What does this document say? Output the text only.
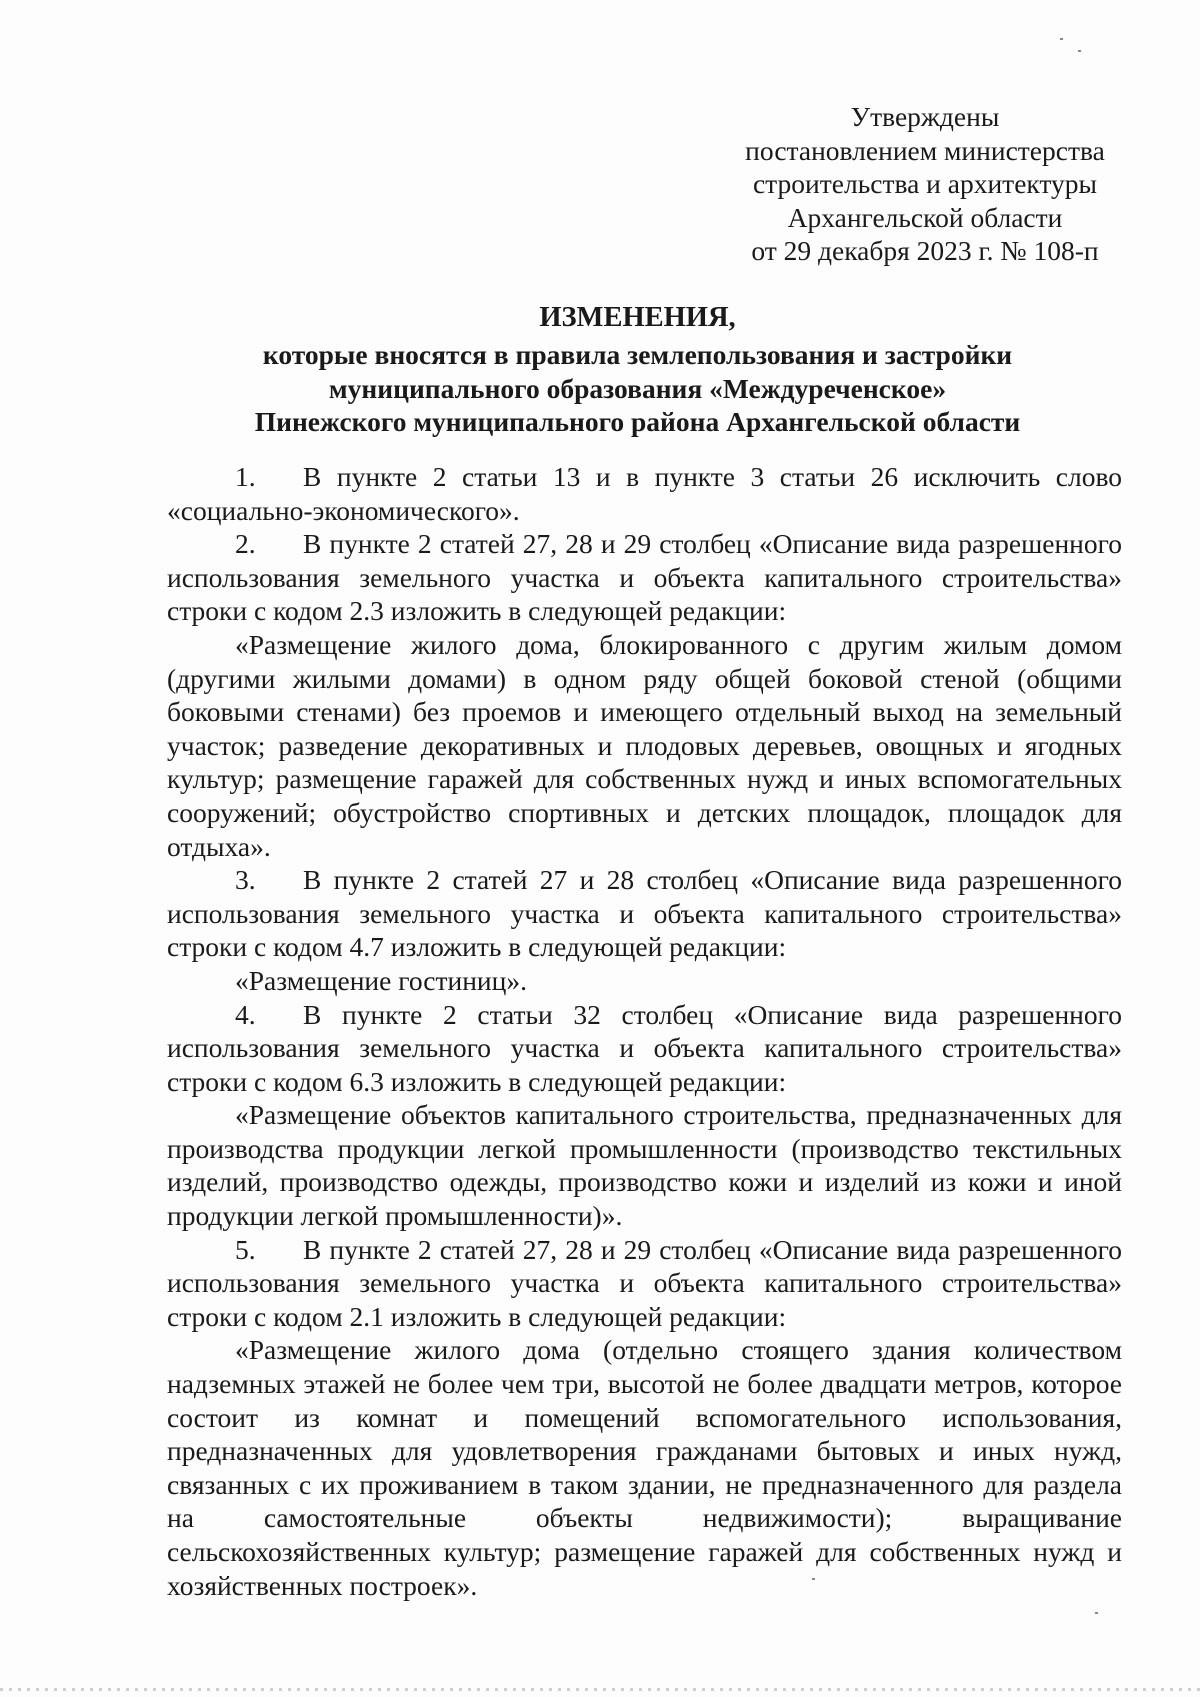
Утверждены
постановлением министерства
строительства и архитектуры
Архангельской области
от 29 декабря 2023 г. № 108-п
ИЗМЕНЕНИЯ,
которые вносятся в правила землепользования и застройки
муниципального образования «Междуреченское»
Пинежского муниципального района Архангельской области

1. В пункте 2 статьи 13 и в пункте 3 статьи 26 исключить слово «социально-экономического».

2. В пункте 2 статей 27, 28 и 29 столбец «Описание вида разрешенного использования земельного участка и объекта капитального строительства» строки с кодом 2.3 изложить в следующей редакции:

«Размещение жилого дома, блокированного с другим жилым домом (другими жилыми домами) в одном ряду общей боковой стеной (общими боковыми стенами) без проемов и имеющего отдельный выход на земельный участок; разведение декоративных и плодовых деревьев, овощных и ягодных культур; размещение гаражей для собственных нужд и иных вспомогательных сооружений; обустройство спортивных и детских площадок, площадок для отдыха».

3. В пункте 2 статей 27 и 28 столбец «Описание вида разрешенного использования земельного участка и объекта капитального строительства» строки с кодом 4.7 изложить в следующей редакции:

«Размещение гостиниц».

4. В пункте 2 статьи 32 столбец «Описание вида разрешенного использования земельного участка и объекта капитального строительства» строки с кодом 6.3 изложить в следующей редакции:

«Размещение объектов капитального строительства, предназначенных для производства продукции легкой промышленности (производство текстильных изделий, производство одежды, производство кожи и изделий из кожи и иной продукции легкой промышленности)».

5. В пункте 2 статей 27, 28 и 29 столбец «Описание вида разрешенного использования земельного участка и объекта капитального строительства» строки с кодом 2.1 изложить в следующей редакции:

«Размещение жилого дома (отдельно стоящего здания количеством надземных этажей не более чем три, высотой не более двадцати метров, которое состоит из комнат и помещений вспомогательного использования, предназначенных для удовлетворения гражданами бытовых и иных нужд, связанных с их проживанием в таком здании, не предназначенного для раздела на самостоятельные объекты недвижимости); выращивание сельскохозяйственных культур; размещение гаражей для собственных нужд и хозяйственных построек».
